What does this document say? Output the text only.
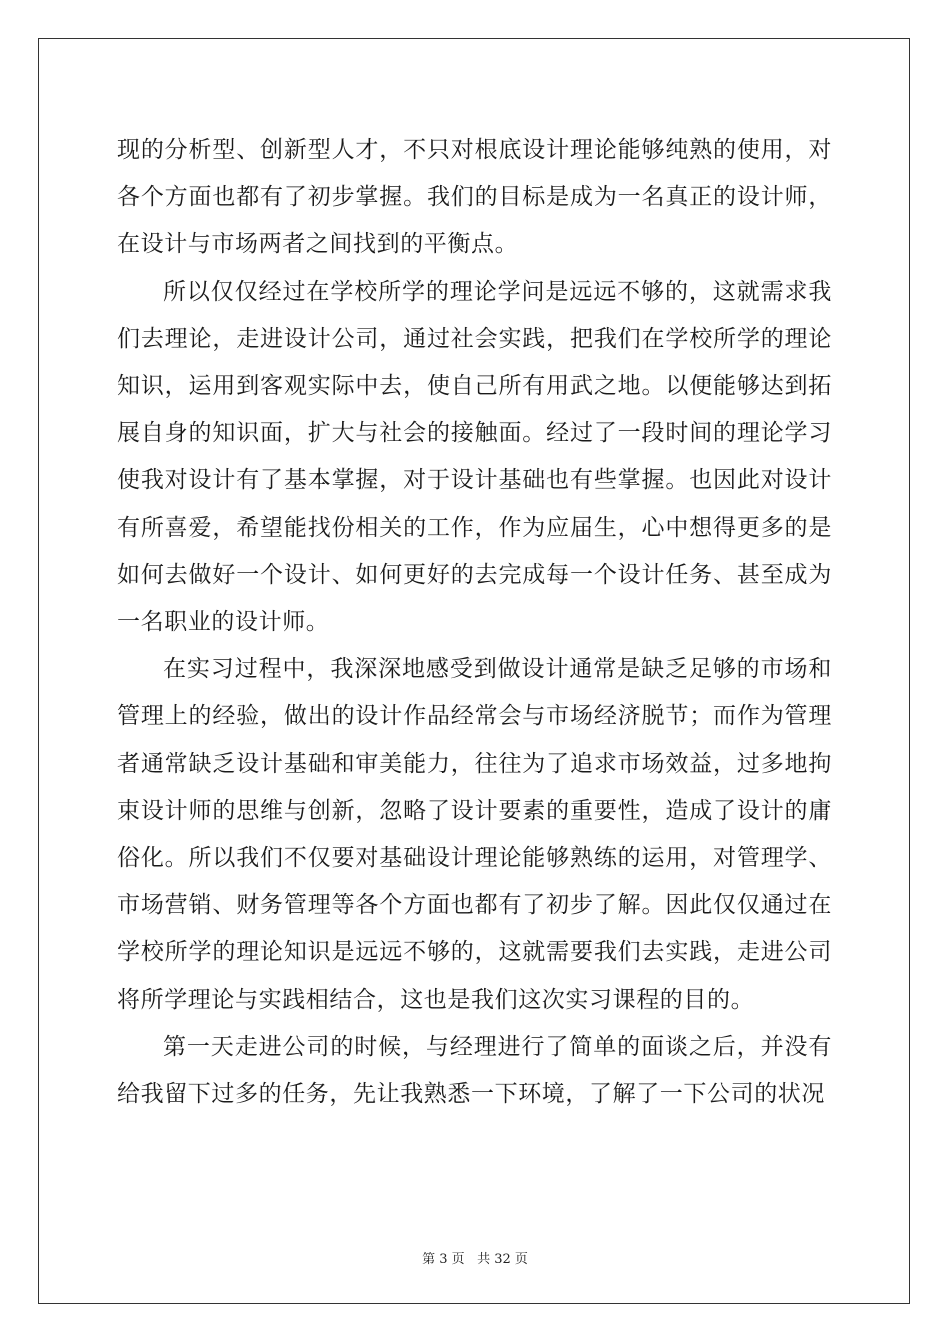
现的分析型、创新型人才，不只对根底设计理论能够纯熟的使用，对各个方面也都有了初步掌握。我们的目标是成为一名真正的设计师，在设计与市场两者之间找到的平衡点。

所以仅仅经过在学校所学的理论学问是远远不够的，这就需求我们去理论，走进设计公司，通过社会实践，把我们在学校所学的理论知识，运用到客观实际中去，使自己所有用武之地。以便能够达到拓展自身的知识面，扩大与社会的接触面。经过了一段时间的理论学习使我对设计有了基本掌握，对于设计基础也有些掌握。也因此对设计有所喜爱，希望能找份相关的工作，作为应届生，心中想得更多的是如何去做好一个设计、如何更好的去完成每一个设计任务、甚至成为一名职业的设计师。

在实习过程中，我深深地感受到做设计通常是缺乏足够的市场和管理上的经验，做出的设计作品经常会与市场经济脱节；而作为管理者通常缺乏设计基础和审美能力，往往为了追求市场效益，过多地拘束设计师的思维与创新，忽略了设计要素的重要性，造成了设计的庸俗化。所以我们不仅要对基础设计理论能够熟练的运用，对管理学、市场营销、财务管理等各个方面也都有了初步了解。因此仅仅通过在学校所学的理论知识是远远不够的，这就需要我们去实践，走进公司将所学理论与实践相结合，这也是我们这次实习课程的目的。

第一天走进公司的时候，与经理进行了简单的面谈之后，并没有给我留下过多的任务，先让我熟悉一下环境，了解了一下公司的状况

第 3 页 共 32 页
